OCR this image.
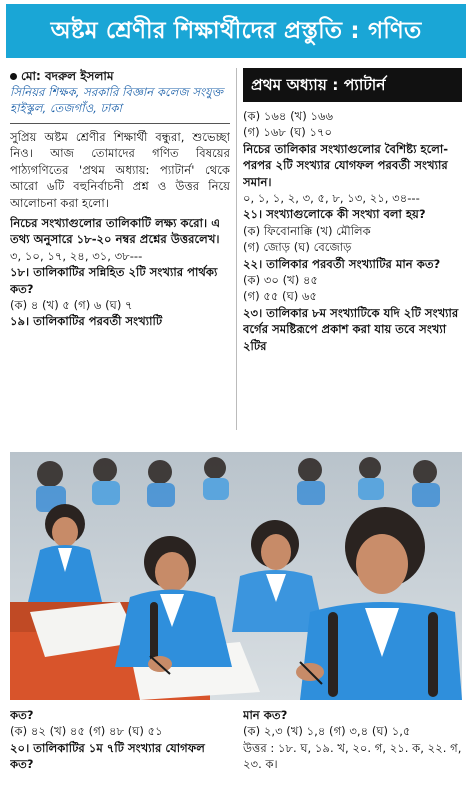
অষ্টম শ্রেণীর শিক্ষার্থীদের প্রস্তুতি : গণিত
মো: বদরুল ইসলাম
সিনিয়র শিক্ষক, সরকারি বিজ্ঞান কলেজ সংযুক্ত হাইস্কুল, তেজগাঁও, ঢাকা

সুপ্রিয় অষ্টম শ্রেণীর শিক্ষার্থী বন্ধুরা, শুভেচ্ছা নিও। আজ তোমাদের গণিত বিষয়ের পাঠ্যগণিতের 'প্রথম অধ্যায়: প্যাটার্ন' থেকে আরো ৬টি বহুনির্বাচনী প্রশ্ন ও উত্তর নিয়ে আলোচনা করা হলো।

নিচের সংখ্যাগুলোর তালিকাটি লক্ষ্য করো। এ তথ্য অনুসারে ১৮-২০ নম্বর প্রশ্নের উত্তরলেখ।

৩, ১০, ১৭, ২৪, ৩১, ৩৮---

১৮। তালিকাটির সন্নিহিত ২টি সংখ্যার পার্থক্য কত?

(ক) ৪ (খ) ৫ (গ) ৬ (ঘ) ৭

১৯। তালিকাটির পরবর্তী সংখ্যাটি

প্রথম অধ্যায় : প্যাটার্ন

(ক) ১৬৪ (খ) ১৬৬

(গ) ১৬৮ (ঘ) ১৭০

নিচের তালিকার সংখ্যাগুলোর বৈশিষ্ট্য হলো- পরপর ২টি সংখ্যার যোগফল পরবর্তী সংখ্যার সমান।

০, ১, ১, ২, ৩, ৫, ৮, ১৩, ২১, ৩৪---

২১। সংখ্যাগুলোকে কী সংখ্যা বলা হয়?

(ক) ফিবোনাক্কি (খ) মৌলিক

(গ) জোড় (ঘ) বেজোড়

২২। তালিকার পরবর্তী সংখ্যাটির মান কত?

(ক) ৩০ (খ) ৪৫

(গ) ৫৫ (ঘ) ৬৫

২৩। তালিকার ৮ম সংখ্যাটিকে যদি ২টি সংখ্যার বর্গের সমষ্টিরূপে প্রকাশ করা যায় তবে সংখ্যা ২টির

কত?

(ক) ৪২ (খ) ৪৫ (গ) ৪৮ (ঘ) ৫১

২০। তালিকাটির ১ম ৭টি সংখ্যার যোগফল কত?

মান কত?

(ক) ২,৩ (খ) ১,৪ (গ) ৩,৪ (ঘ) ১,৫

উত্তর : ১৮. ঘ, ১৯. খ, ২০. গ, ২১. ক, ২২. গ, ২৩. ক।
